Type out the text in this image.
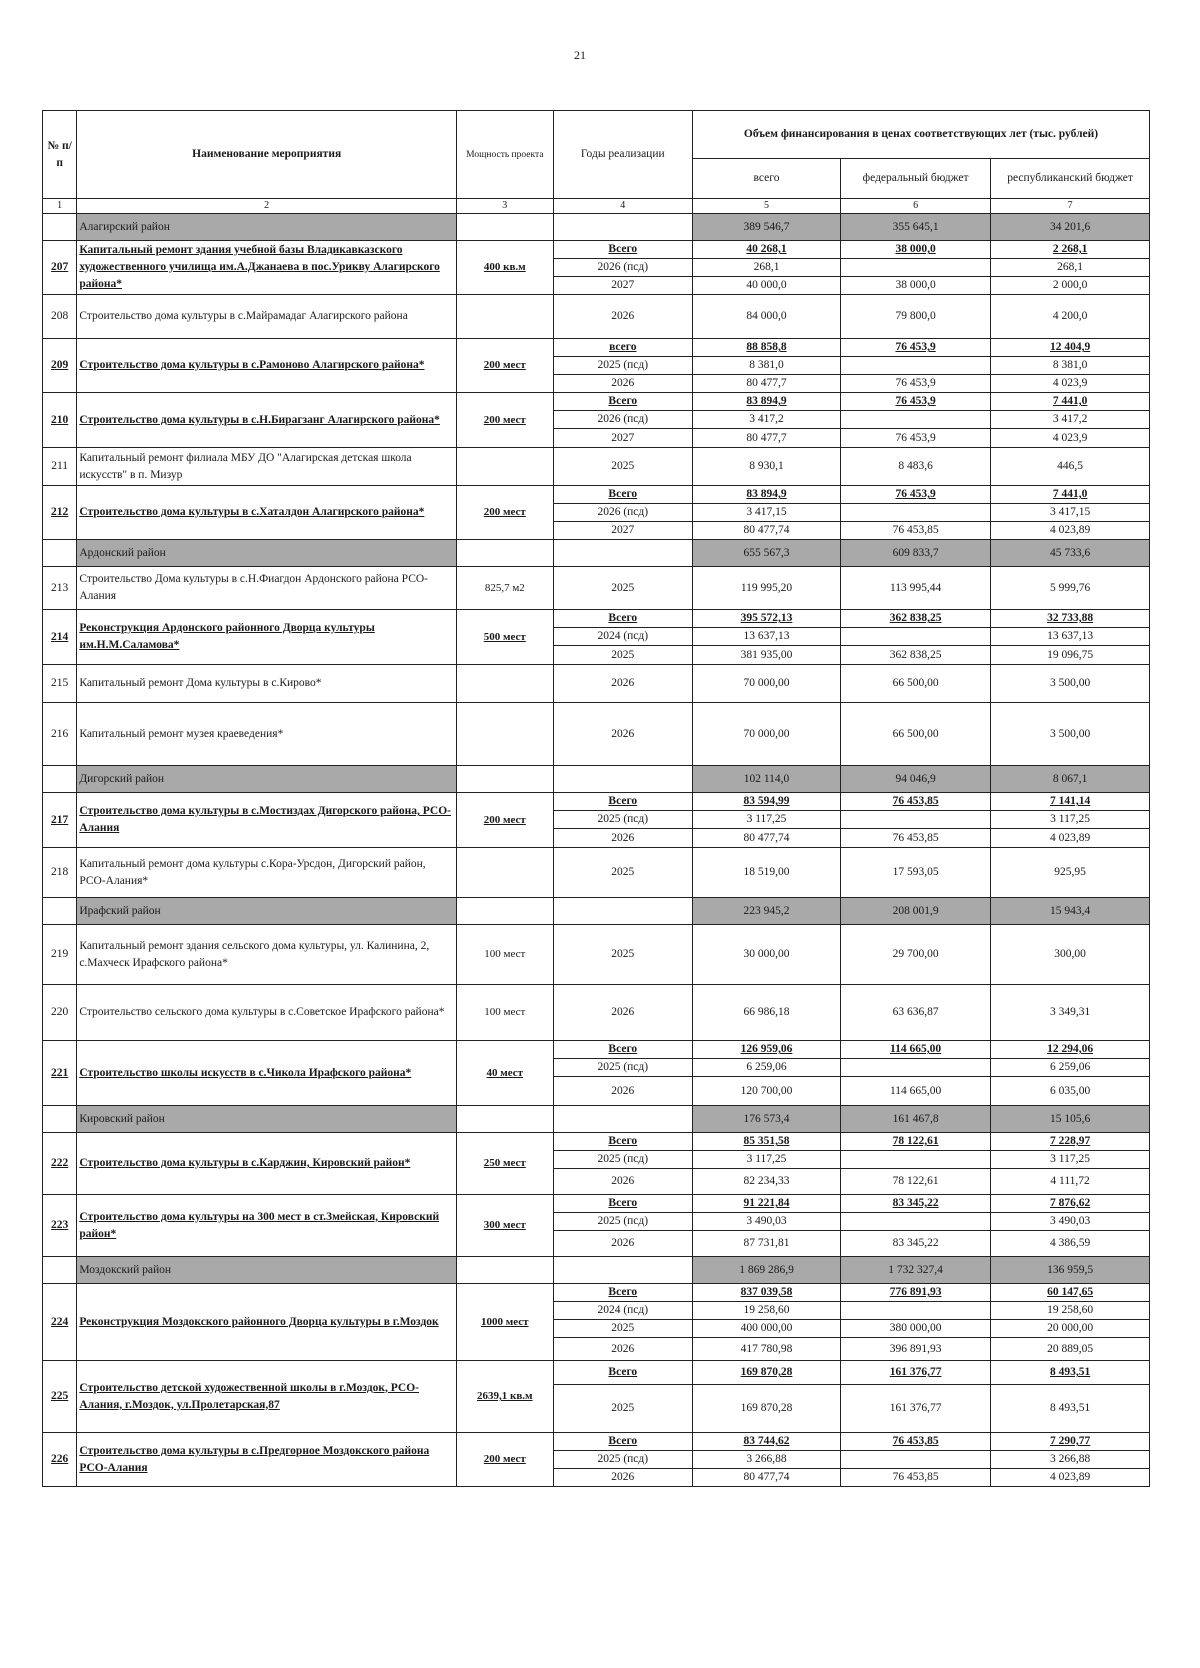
21
№ п/п	Наименование мероприятия	Мощность проекта	Годы реализации	Объем финансирования в ценах соответствующих лет (тыс. рублей)		
				всего	федеральный бюджет	республиканский бюджет
1	2	3	4	5	6	7
	Алагирский район			389 546,7	355 645,1	34 201,6
207	Капитальный ремонт здания учебной базы Владикавказского художественного училища им.А.Джанаева в пос.Урикву Алагирского района*	400 кв.м	Всего	40 268,1	38 000,0	2 268,1
			2026 (псд)	268,1		268,1
			2027	40 000,0	38 000,0	2 000,0
208	Строительство дома культуры в с.Майрамадаг Алагирского района		2026	84 000,0	79 800,0	4 200,0
209	Строительство дома культуры в с.Рамоново Алагирского района*	200 мест	всего	88 858,8	76 453,9	12 404,9
			2025 (псд)	8 381,0		8 381,0
			2026	80 477,7	76 453,9	4 023,9
210	Строительство дома культуры в с.Н.Бирагзанг Алагирского района*	200 мест	Всего	83 894,9	76 453,9	7 441,0
			2026 (псд)	3 417,2		3 417,2
			2027	80 477,7	76 453,9	4 023,9
211	Капитальный ремонт филиала МБУ ДО "Алагирская детская школа искусств" в п. Мизур		2025	8 930,1	8 483,6	446,5
212	Строительство дома культуры в с.Хаталдон Алагирского района*	200 мест	Всего	83 894,9	76 453,9	7 441,0
			2026 (псд)	3 417,15		3 417,15
			2027	80 477,74	76 453,85	4 023,89
	Ардонский район			655 567,3	609 833,7	45 733,6
213	Строительство Дома культуры в с.Н.Фиагдон Ардонского района РСО-Алания	825,7 м2	2025	119 995,20	113 995,44	5 999,76
214	Реконструкция Ардонского районного Дворца культуры им.Н.М.Саламова*	500 мест	Всего	395 572,13	362 838,25	32 733,88
			2024 (псд)	13 637,13		13 637,13
			2025	381 935,00	362 838,25	19 096,75
215	Капитальный ремонт Дома культуры в с.Кирово*		2026	70 000,00	66 500,00	3 500,00
216	Капитальный ремонт музея краеведения*		2026	70 000,00	66 500,00	3 500,00
	Дигорский район			102 114,0	94 046,9	8 067,1
217	Строительство дома культуры в с.Мостиздах Дигорского района, РСО-Алания	200 мест	Всего	83 594,99	76 453,85	7 141,14
			2025 (псд)	3 117,25		3 117,25
			2026	80 477,74	76 453,85	4 023,89
218	Капитальный ремонт дома культуры с.Кора-Урсдон, Дигорский район, РСО-Алания*		2025	18 519,00	17 593,05	925,95
	Ирафский район			223 945,2	208 001,9	15 943,4
219	Капитальный ремонт здания сельского дома культуры, ул. Калинина, 2, с.Махческ Ирафского района*	100 мест	2025	30 000,00	29 700,00	300,00
220	Строительство сельского дома культуры в с.Советское Ирафского района*	100 мест	2026	66 986,18	63 636,87	3 349,31
221	Строительство школы искусств в с.Чикола Ирафского района*	40 мест	Всего	126 959,06	114 665,00	12 294,06
			2025 (псд)	6 259,06		6 259,06
			2026	120 700,00	114 665,00	6 035,00
	Кировский район			176 573,4	161 467,8	15 105,6
222	Строительство дома культуры в с.Карджин, Кировский район*	250 мест	Всего	85 351,58	78 122,61	7 228,97
			2025 (псд)	3 117,25		3 117,25
			2026	82 234,33	78 122,61	4 111,72
223	Строительство дома культуры на 300 мест в ст.Змейская, Кировский район*	300 мест	Всего	91 221,84	83 345,22	7 876,62
			2025 (псд)	3 490,03		3 490,03
			2026	87 731,81	83 345,22	4 386,59
	Моздокский район			1 869 286,9	1 732 327,4	136 959,5
224	Реконструкция Моздокского районного Дворца культуры в г.Моздок	1000 мест	Всего	837 039,58	776 891,93	60 147,65
			2024 (псд)	19 258,60		19 258,60
			2025	400 000,00	380 000,00	20 000,00
			2026	417 780,98	396 891,93	20 889,05
225	Строительство детской художественной школы в г.Моздок, РСО-Алания, г.Моздок, ул.Пролетарская,87	2639,1 кв.м	Всего	169 870,28	161 376,77	8 493,51
			2025	169 870,28	161 376,77	8 493,51
226	Строительство дома культуры в с.Предгорное Моздокского района РСО-Алания	200 мест	Всего	83 744,62	76 453,85	7 290,77
			2025 (псд)	3 266,88		3 266,88
			2026	80 477,74	76 453,85	4 023,89
